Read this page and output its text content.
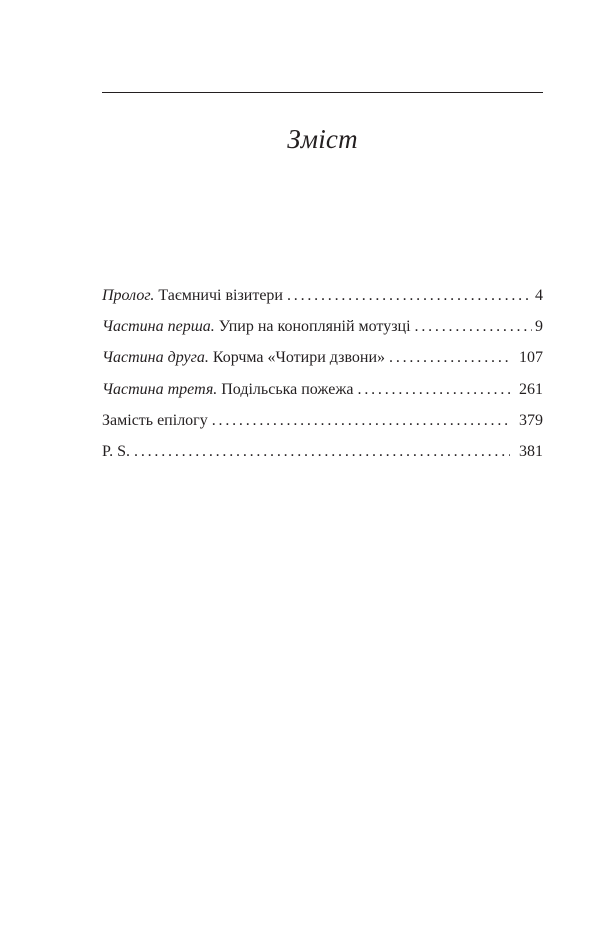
Зміст
Пролог. Таємничі візитери . . .	4
Частина перша. Упир на конопляній мотузці . . .	9
Частина друга. Корчма «Чотири дзвони» . . .	107
Частина третя. Подільська пожежа . . .	261
Замість епілогу . . .	379
P. S. . . .	381
